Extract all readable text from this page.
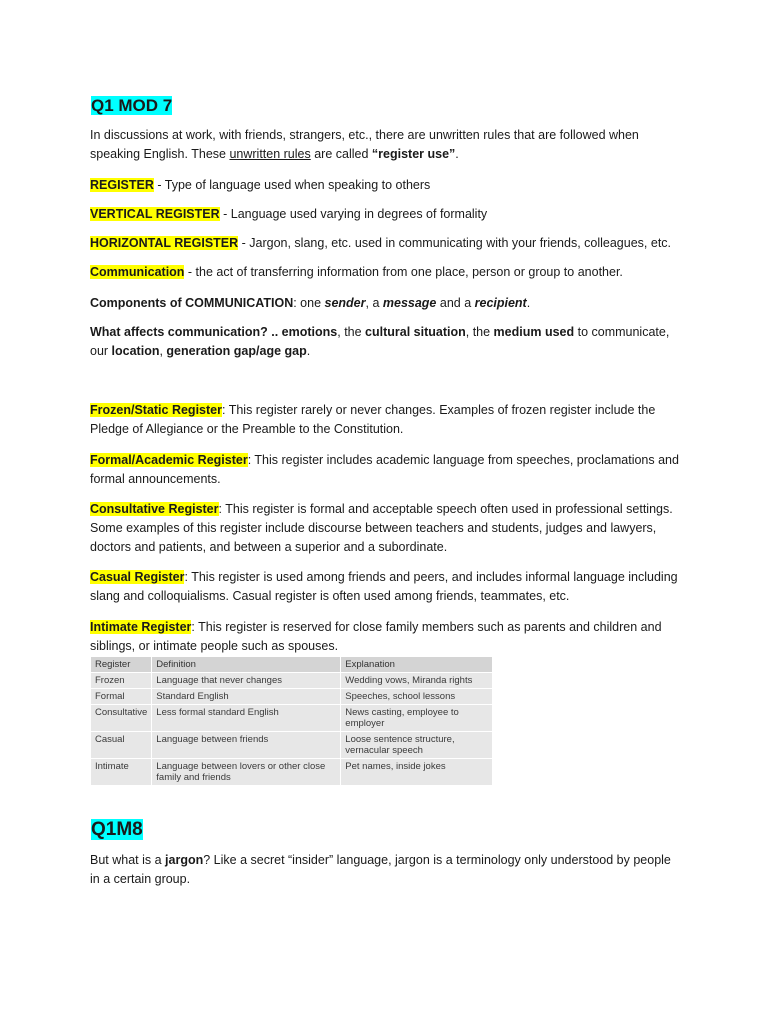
Q1 MOD 7
In discussions at work, with friends, strangers, etc., there are unwritten rules that are followed when speaking English. These unwritten rules are called “register use”.
REGISTER - Type of language used when speaking to others
VERTICAL REGISTER - Language used varying in degrees of formality
HORIZONTAL REGISTER - Jargon, slang, etc. used in communicating with your friends, colleagues, etc.
Communication - the act of transferring information from one place, person or group to another.
Components of COMMUNICATION: one sender, a message and a recipient.
What affects communication? .. emotions, the cultural situation, the medium used to communicate, our location, generation gap/age gap.
Frozen/Static Register: This register rarely or never changes. Examples of frozen register include the Pledge of Allegiance or the Preamble to the Constitution.
Formal/Academic Register: This register includes academic language from speeches, proclamations and formal announcements.
Consultative Register: This register is formal and acceptable speech often used in professional settings. Some examples of this register include discourse between teachers and students, judges and lawyers, doctors and patients, and between a superior and a subordinate.
Casual Register: This register is used among friends and peers, and includes informal language including slang and colloquialisms. Casual register is often used among friends, teammates, etc.
Intimate Register: This register is reserved for close family members such as parents and children and siblings, or intimate people such as spouses.
Register	Definition	Explanation
Frozen	Language that never changes	Wedding vows, Miranda rights
Formal	Standard English	Speeches, school lessons
Consultative	Less formal standard English	News casting, employee to employer
Casual	Language between friends	Loose sentence structure, vernacular speech
Intimate	Language between lovers or other close family and friends	Pet names, inside jokes
Q1M8
But what is a jargon? Like a secret “insider” language, jargon is a terminology only understood by people in a certain group.
